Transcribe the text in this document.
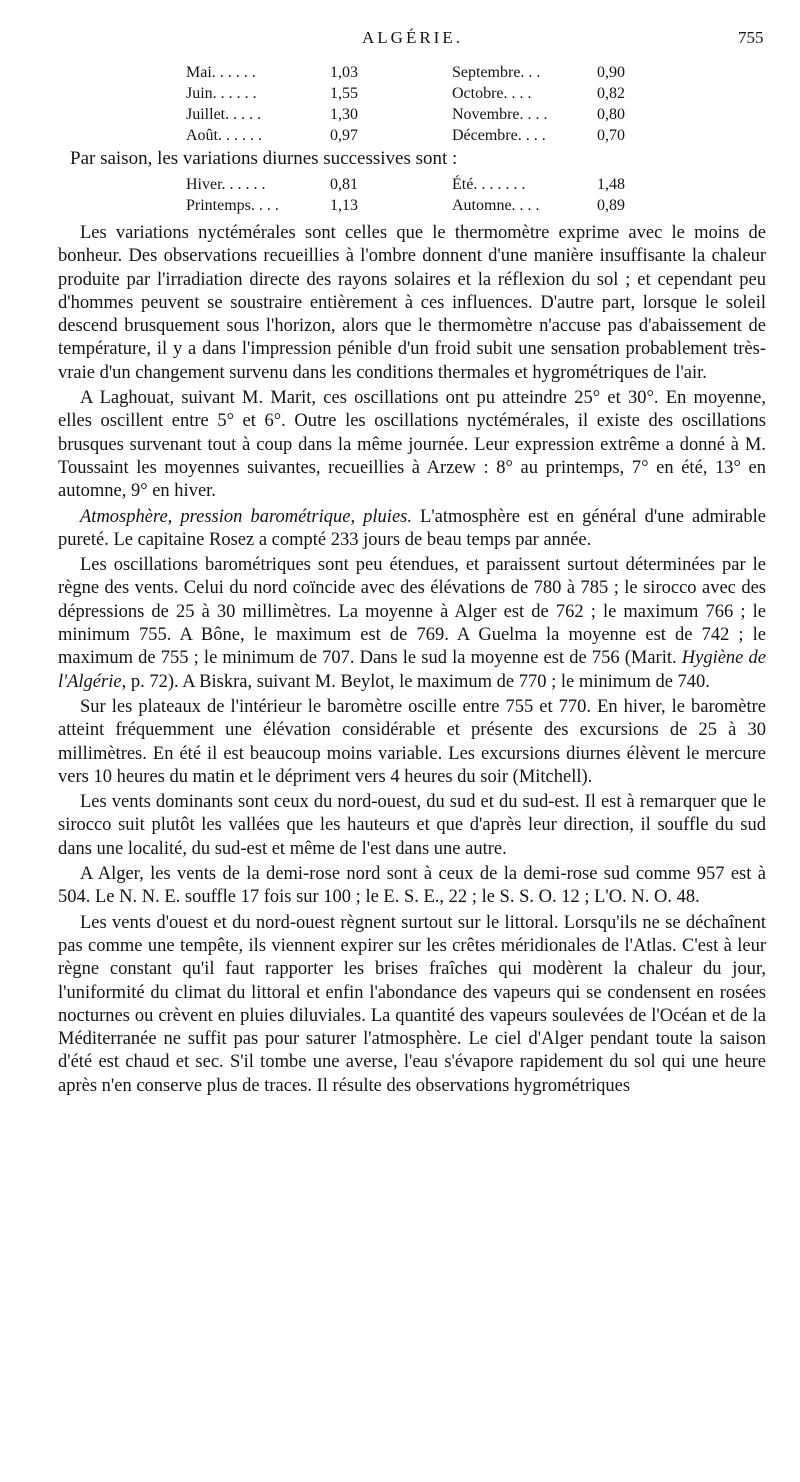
ALGÉRIE.	755
Mai. . . . . .	1,03	Septembre. . .	0,90
Juin. . . . . .	1,55	Octobre. . . .	0,82
Juillet. . . . .	1,30	Novembre. . . .	0,80
Août. . . . . .	0,97	Décembre. . . .	0,70
Par saison, les variations diurnes successives sont :
Hiver. . . . . .	0,81	Été. . . . . . .	1,48
Printemps. . . .	1,13	Automne. . . .	0,89

Les variations nyctémérales sont celles que le thermomètre exprime avec le moins de bonheur. Des observations recueillies à l'ombre donnent d'une manière insuffisante la chaleur produite par l'irradiation directe des rayons solaires et la réflexion du sol ; et cependant peu d'hommes peuvent se soustraire entièrement à ces influences. D'autre part, lorsque le soleil descend brusquement sous l'horizon, alors que le thermomètre n'accuse pas d'abaissement de température, il y a dans l'impression pénible d'un froid subit une sensation probablement très-vraie d'un changement survenu dans les conditions thermales et hygrométriques de l'air.

A Laghouat, suivant M. Marit, ces oscillations ont pu atteindre 25° et 30°. En moyenne, elles oscillent entre 5° et 6°. Outre les oscillations nyctémérales, il existe des oscillations brusques survenant tout à coup dans la même journée. Leur expression extrême a donné à M. Toussaint les moyennes suivantes, recueillies à Arzew : 8° au printemps, 7° en été, 13° en automne, 9° en hiver.

Atmosphère, pression barométrique, pluies. L'atmosphère est en général d'une admirable pureté. Le capitaine Rosez a compté 233 jours de beau temps par année.

Les oscillations barométriques sont peu étendues, et paraissent surtout déterminées par le règne des vents. Celui du nord coïncide avec des élévations de 780 à 785 ; le sirocco avec des dépressions de 25 à 30 millimètres. La moyenne à Alger est de 762 ; le maximum 766 ; le minimum 755. A Bône, le maximum est de 769. A Guelma la moyenne est de 742 ; le maximum de 755 ; le minimum de 707. Dans le sud la moyenne est de 756 (Marit. Hygiène de l'Algérie, p. 72). A Biskra, suivant M. Beylot, le maximum de 770 ; le minimum de 740.

Sur les plateaux de l'intérieur le baromètre oscille entre 755 et 770. En hiver, le baromètre atteint fréquemment une élévation considérable et présente des excursions de 25 à 30 millimètres. En été il est beaucoup moins variable. Les excursions diurnes élèvent le mercure vers 10 heures du matin et le dépriment vers 4 heures du soir (Mitchell).

Les vents dominants sont ceux du nord-ouest, du sud et du sud-est. Il est à remarquer que le sirocco suit plutôt les vallées que les hauteurs et que d'après leur direction, il souffle du sud dans une localité, du sud-est et même de l'est dans une autre.

A Alger, les vents de la demi-rose nord sont à ceux de la demi-rose sud comme 957 est à 504. Le N. N. E. souffle 17 fois sur 100 ; le E. S. E., 22 ; le S. S. O. 12 ; L'O. N. O. 48.

Les vents d'ouest et du nord-ouest règnent surtout sur le littoral. Lorsqu'ils ne se déchaînent pas comme une tempête, ils viennent expirer sur les crêtes méridionales de l'Atlas. C'est à leur règne constant qu'il faut rapporter les brises fraîches qui modèrent la chaleur du jour, l'uniformité du climat du littoral et enfin l'abondance des vapeurs qui se condensent en rosées nocturnes ou crèvent en pluies diluviales. La quantité des vapeurs soulevées de l'Océan et de la Méditerranée ne suffit pas pour saturer l'atmosphère. Le ciel d'Alger pendant toute la saison d'été est chaud et sec. S'il tombe une averse, l'eau s'évapore rapidement du sol qui une heure après n'en conserve plus de traces. Il résulte des observations hygrométriques
